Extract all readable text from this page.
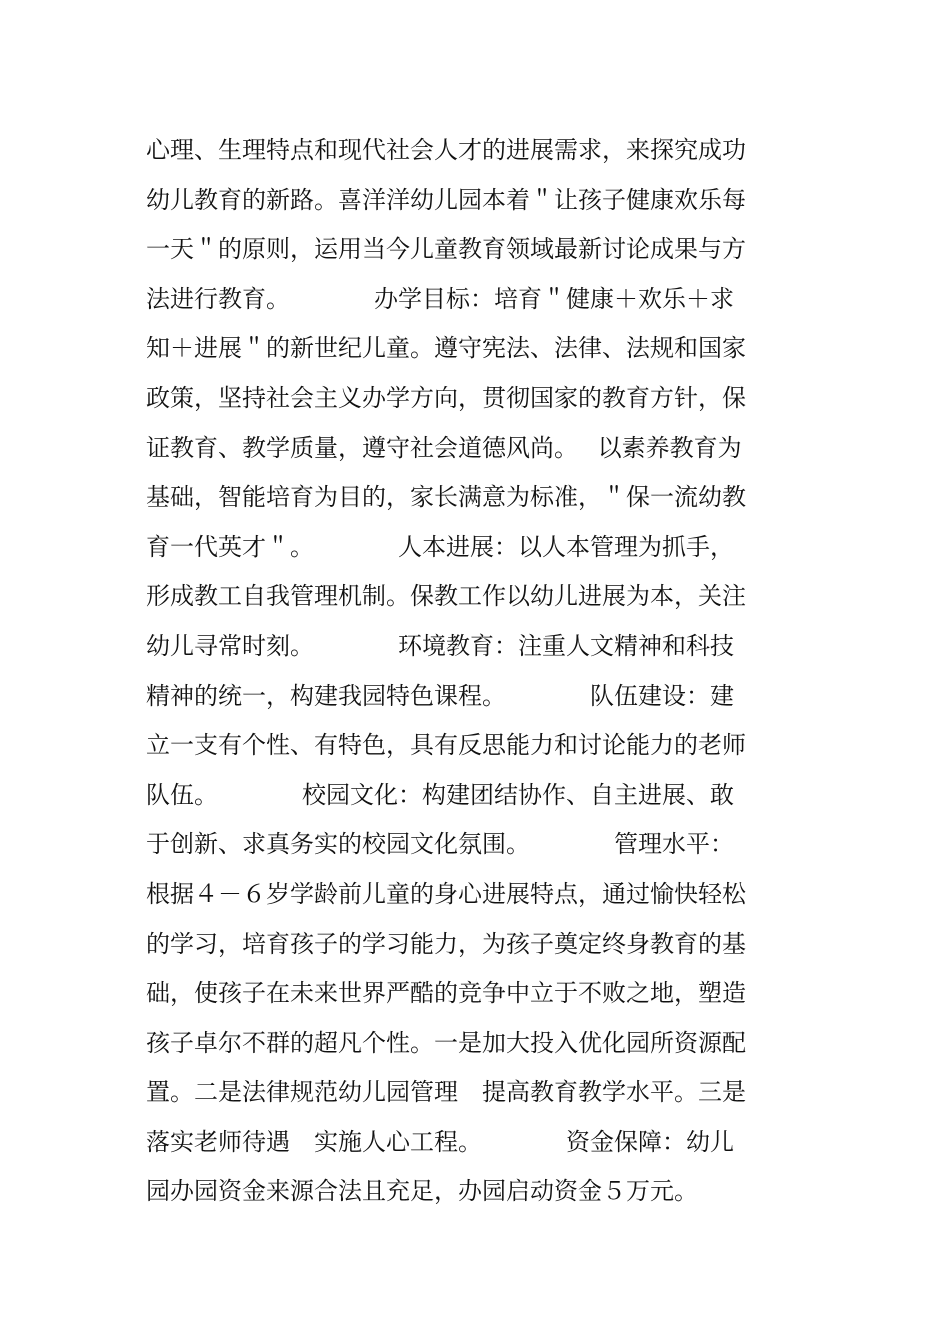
心理、生理特点和现代社会人才的进展需求，来探究成功
幼儿教育的新路。喜洋洋幼儿园本着＂让孩子健康欢乐每
一天＂的原则，运用当今儿童教育领域最新讨论成果与方
法进行教育。　　　　办学目标：培育＂健康＋欢乐＋求
知＋进展＂的新世纪儿童。遵守宪法、法律、法规和国家
政策，坚持社会主义办学方向，贯彻国家的教育方针，保
证教育、教学质量，遵守社会道德风尚。　 以素养教育为
基础，智能培育为目的，家长满意为标准，＂保一流幼教
育一代英才＂。　　　　人本进展：以人本管理为抓手，
形成教工自我管理机制。保教工作以幼儿进展为本，关注
幼儿寻常时刻。　　　　环境教育：注重人文精神和科技
精神的统一，构建我园特色课程。　　　　队伍建设：建
立一支有个性、有特色，具有反思能力和讨论能力的老师
队伍。　　　　校园文化：构建团结协作、自主进展、敢
于创新、求真务实的校园文化氛围。　　　　管理水平：
根据４－６岁学龄前儿童的身心进展特点，通过愉快轻松
的学习，培育孩子的学习能力，为孩子奠定终身教育的基
础，使孩子在未来世界严酷的竞争中立于不败之地，塑造
孩子卓尔不群的超凡个性。一是加大投入优化园所资源配
置。二是法律规范幼儿园管理　提高教育教学水平。三是
落实老师待遇　实施人心工程。　　　　资金保障：幼儿
园办园资金来源合法且充足，办园启动资金５万元。
